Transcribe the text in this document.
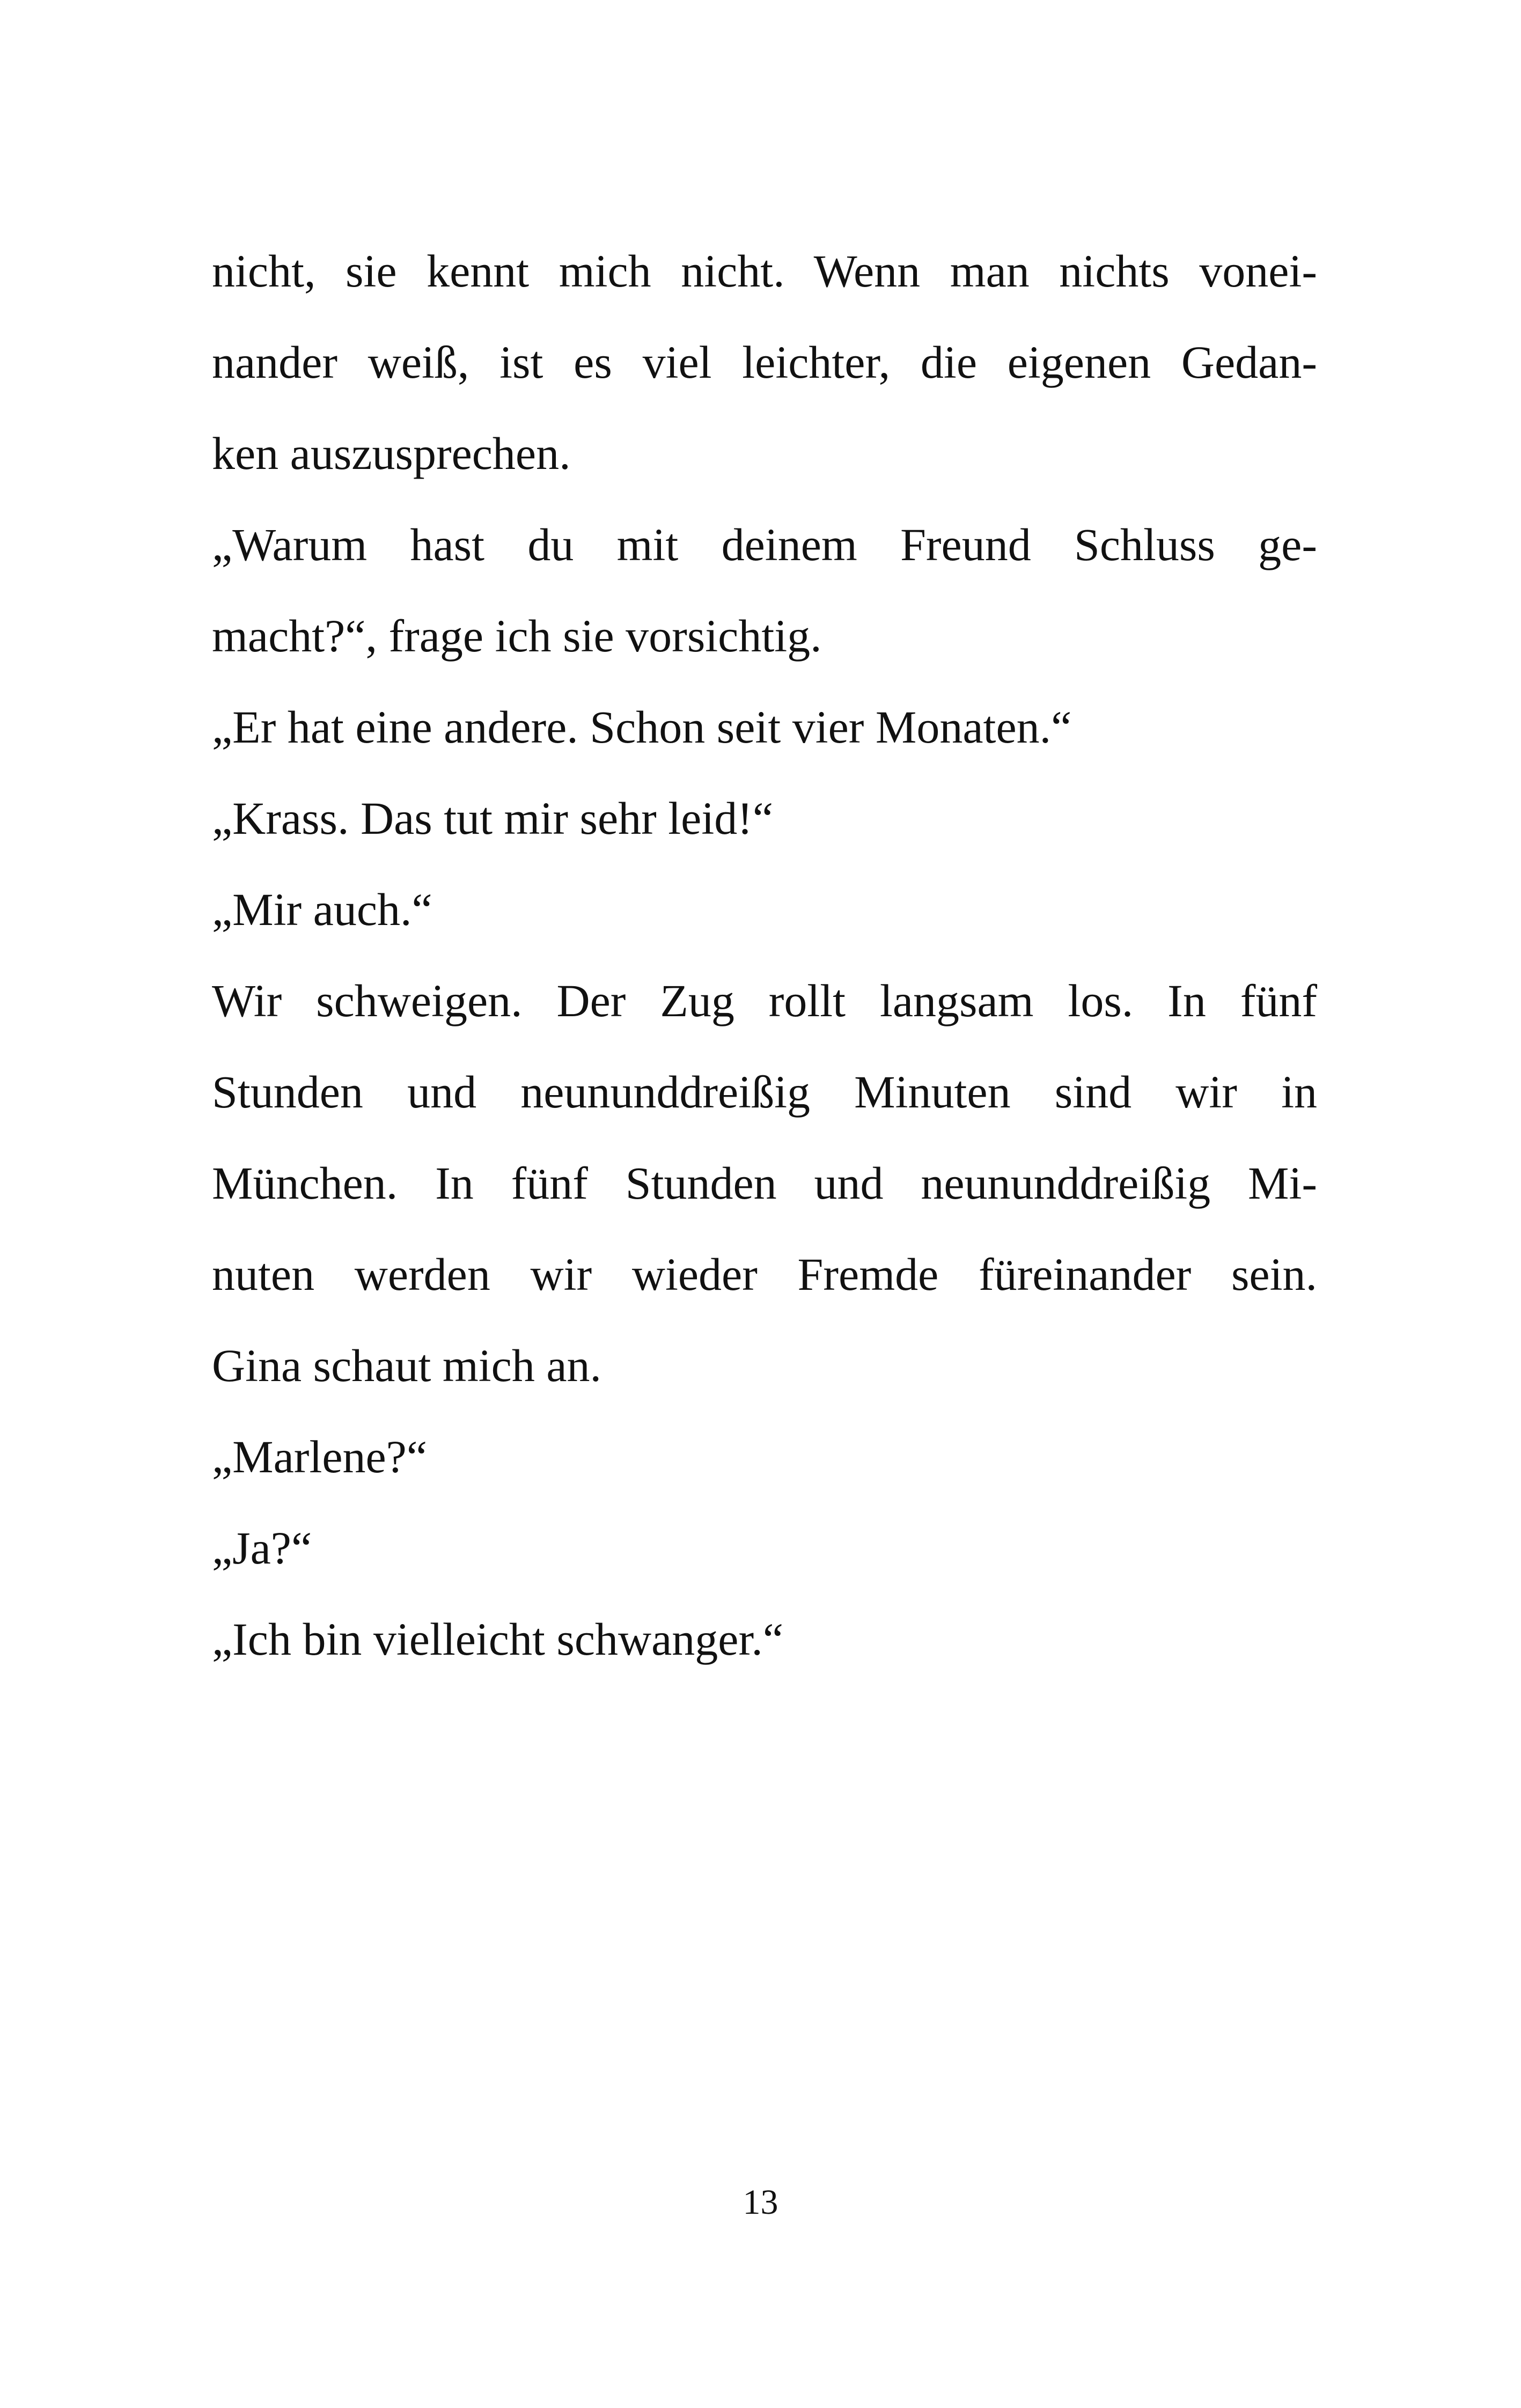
nicht, sie kennt mich nicht. Wenn man nichts vonei-
nander weiß, ist es viel leichter, die eigenen Gedan-
ken auszusprechen.
„Warum hast du mit deinem Freund Schluss ge-
macht?“, frage ich sie vorsichtig.
„Er hat eine andere. Schon seit vier Monaten.“
„Krass. Das tut mir sehr leid!“
„Mir auch.“
Wir schweigen. Der Zug rollt langsam los. In fünf
Stunden und neununddreißig Minuten sind wir in
München. In fünf Stunden und neununddreißig Mi-
nuten werden wir wieder Fremde füreinander sein.
Gina schaut mich an.
„Marlene?“
„Ja?“
„Ich bin vielleicht schwanger.“
13
